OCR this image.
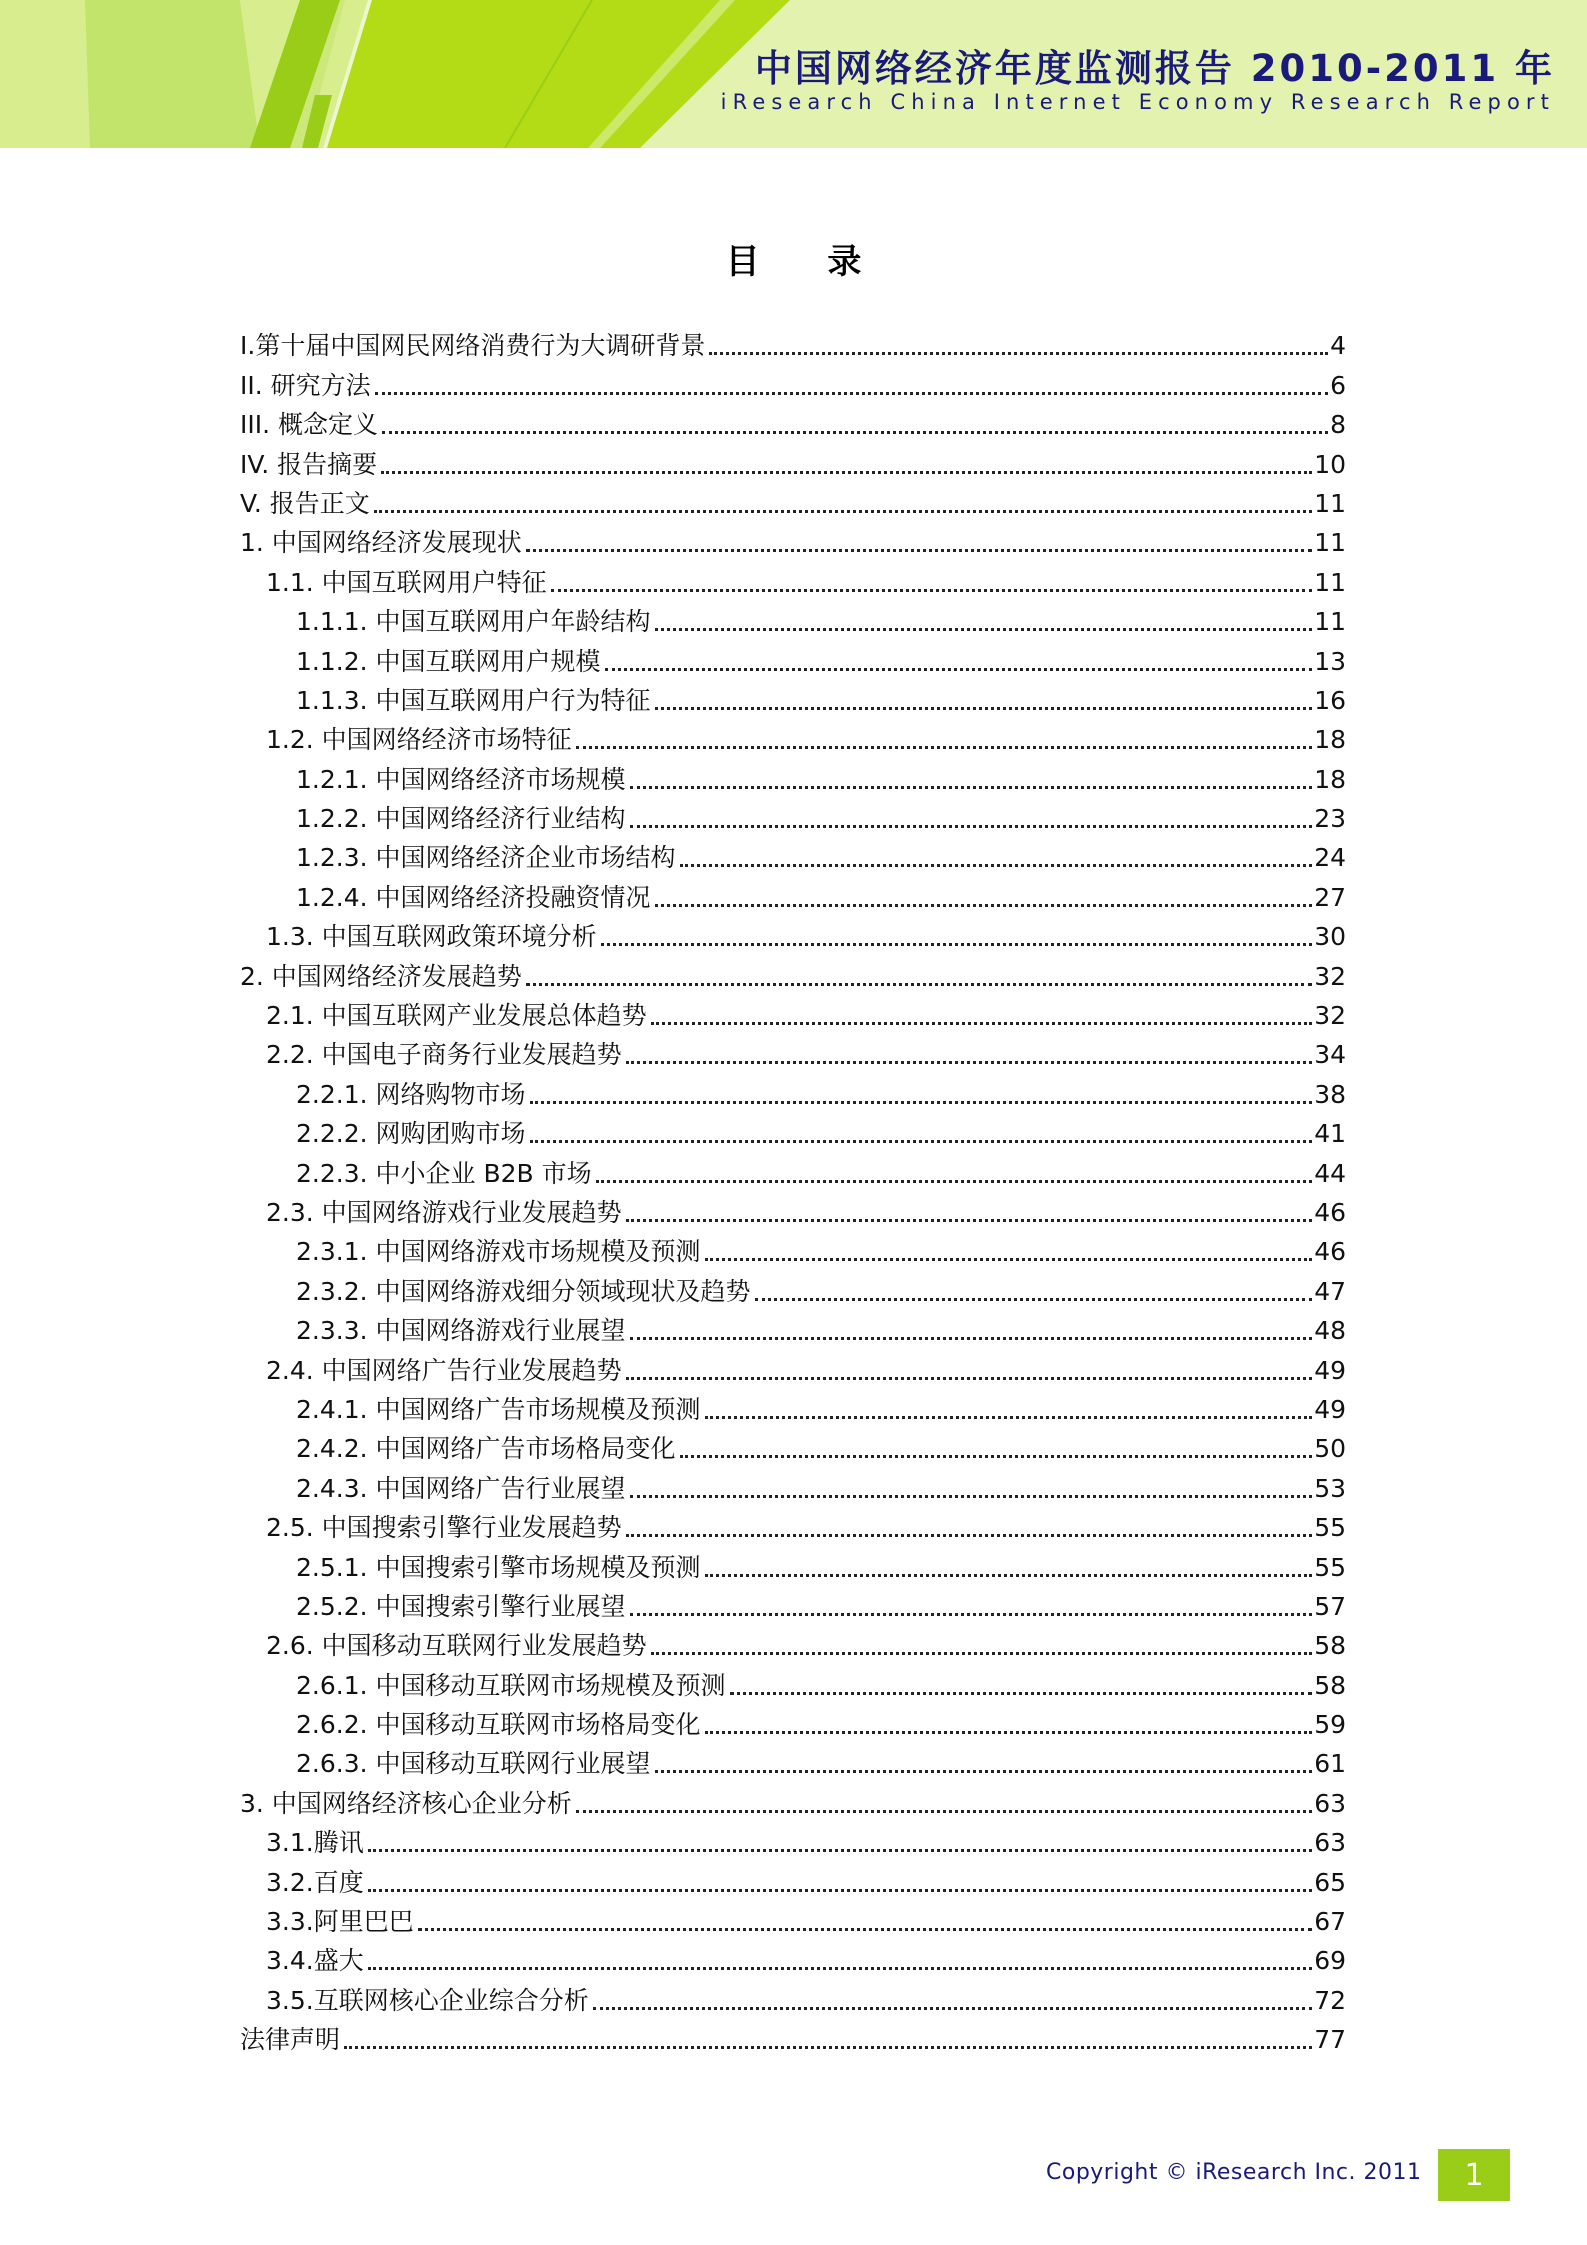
中国网络经济年度监测报告 2010-2011 年
iResearch China Internet Economy Research Report
目 录
I.第十届中国网民网络消费行为大调研背景	4
II. 研究方法	6
III. 概念定义	8
IV. 报告摘要	10
V. 报告正文	11
1. 中国网络经济发展现状	11
1.1. 中国互联网用户特征	11
1.1.1. 中国互联网用户年龄结构	11
1.1.2. 中国互联网用户规模	13
1.1.3. 中国互联网用户行为特征	16
1.2. 中国网络经济市场特征	18
1.2.1. 中国网络经济市场规模	18
1.2.2. 中国网络经济行业结构	23
1.2.3. 中国网络经济企业市场结构	24
1.2.4. 中国网络经济投融资情况	27
1.3. 中国互联网政策环境分析	30
2. 中国网络经济发展趋势	32
2.1. 中国互联网产业发展总体趋势	32
2.2. 中国电子商务行业发展趋势	34
2.2.1. 网络购物市场	38
2.2.2. 网购团购市场	41
2.2.3. 中小企业 B2B 市场	44
2.3. 中国网络游戏行业发展趋势	46
2.3.1. 中国网络游戏市场规模及预测	46
2.3.2. 中国网络游戏细分领域现状及趋势	47
2.3.3. 中国网络游戏行业展望	48
2.4. 中国网络广告行业发展趋势	49
2.4.1. 中国网络广告市场规模及预测	49
2.4.2. 中国网络广告市场格局变化	50
2.4.3. 中国网络广告行业展望	53
2.5. 中国搜索引擎行业发展趋势	55
2.5.1. 中国搜索引擎市场规模及预测	55
2.5.2. 中国搜索引擎行业展望	57
2.6. 中国移动互联网行业发展趋势	58
2.6.1. 中国移动互联网市场规模及预测	58
2.6.2. 中国移动互联网市场格局变化	59
2.6.3. 中国移动互联网行业展望	61
3. 中国网络经济核心企业分析	63
3.1.腾讯	63
3.2.百度	65
3.3.阿里巴巴	67
3.4.盛大	69
3.5.互联网核心企业综合分析	72
法律声明	77
Copyright © iResearch Inc. 2011 1
